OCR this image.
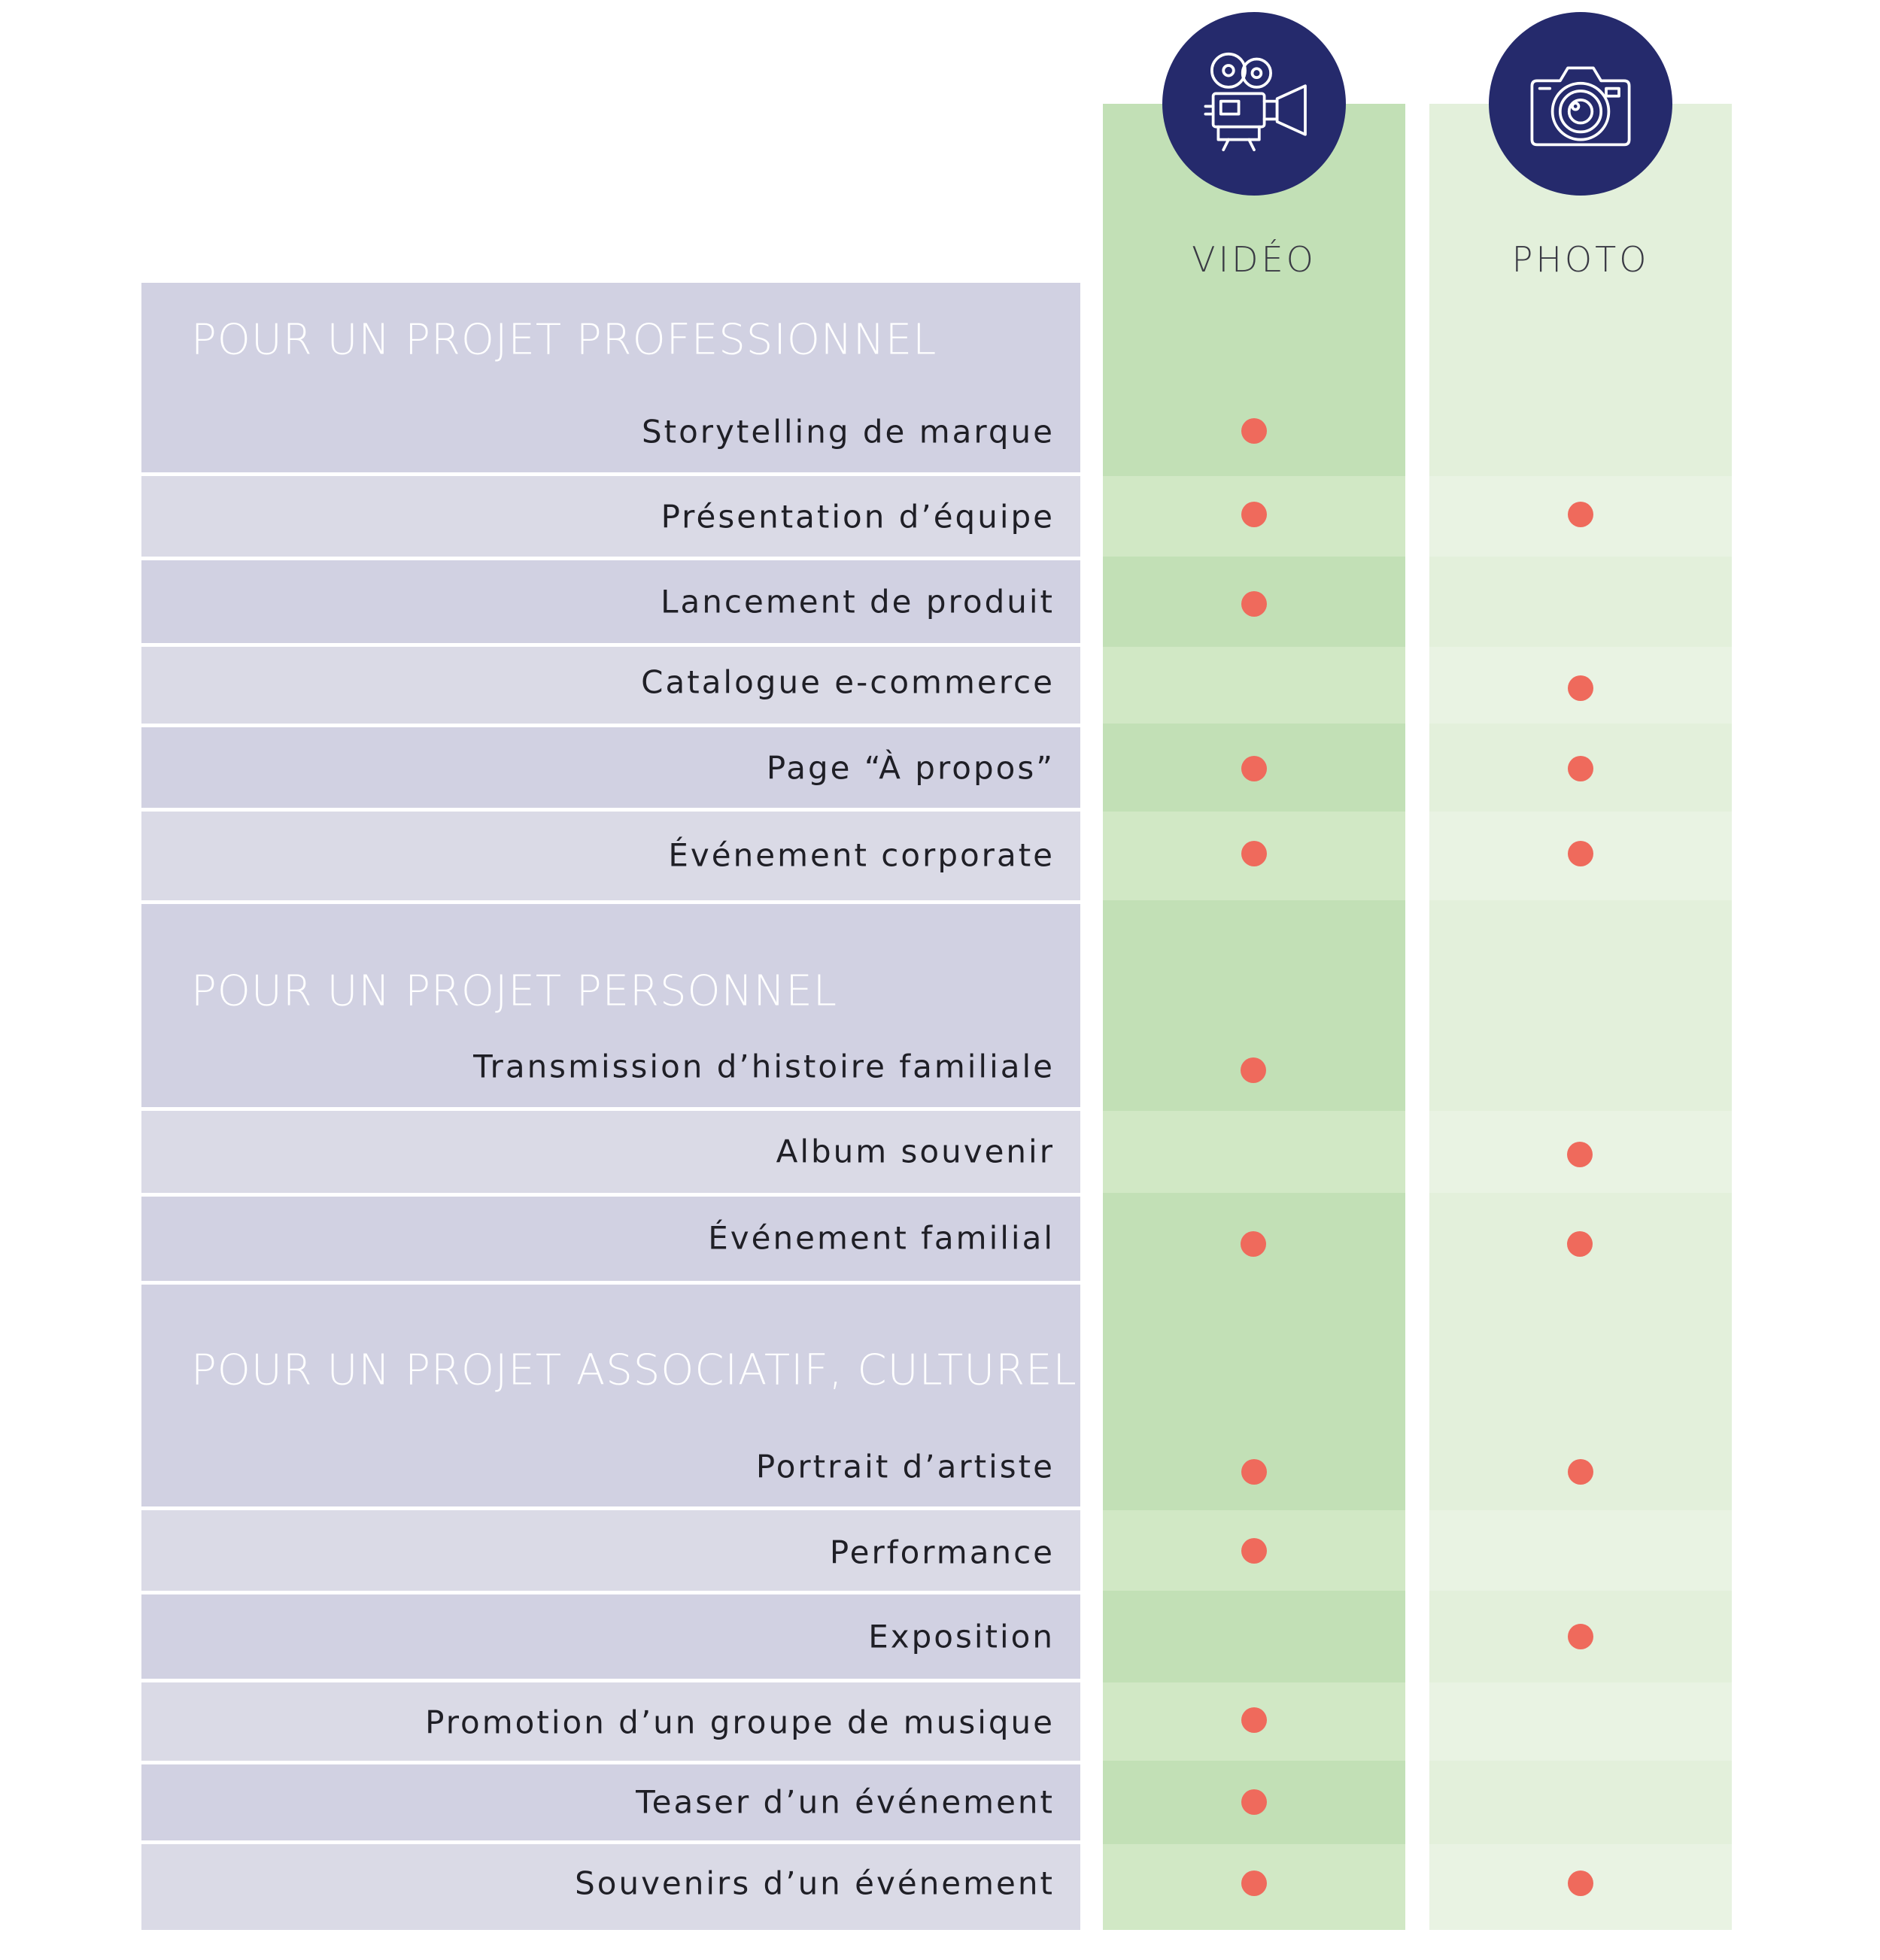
VIDÉO	PHOTO
POUR UN PROJET PROFESSIONNEL
Storytelling de marque
Présentation d’équipe
Lancement de produit
Catalogue e-commerce
Page “À propos”
Événement corporate
POUR UN PROJET PERSONNEL
Transmission d’histoire familiale
Album souvenir
Événement familial
POUR UN PROJET ASSOCIATIF, CULTUREL
Portrait d’artiste
Performance
Exposition
Promotion d’un groupe de musique
Teaser d’un événement
Souvenirs d’un événement
